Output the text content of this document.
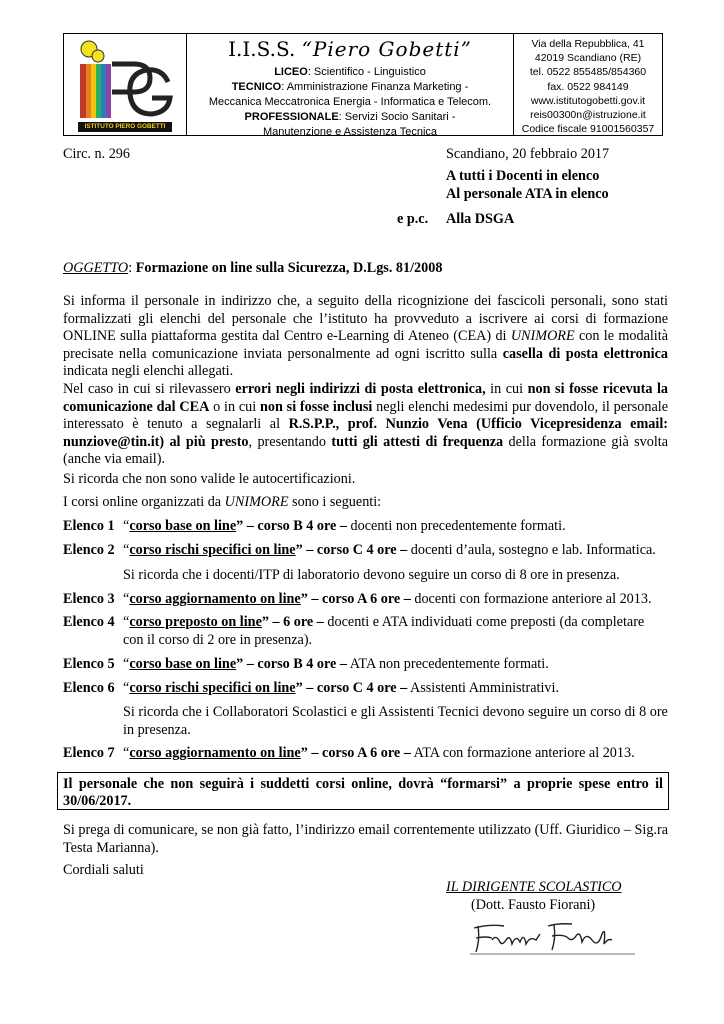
ISTITUTO PIERO GOBETTI
I.I.S.S. “Piero Gobetti”
LICEO: Scientifico - Linguistico
TECNICO: Amministrazione Finanza Marketing -
Meccanica Meccatronica Energia - Informatica e Telecom.
PROFESSIONALE: Servizi Socio Sanitari -
Manutenzione e Assistenza Tecnica
Via della Repubblica, 41
42019 Scandiano (RE)
tel. 0522 855485/854360
fax. 0522 984149
www.istitutogobetti.gov.it
reis00300n@istruzione.it
Codice fiscale 91001560357
Circ. n. 296	Scandiano, 20 febbraio 2017
A tutti i Docenti in elenco
Al personale ATA in elenco
e p.c. Alla DSGA
OGGETTO: Formazione on line sulla Sicurezza, D.Lgs. 81/2008
Si informa il personale in indirizzo che, a seguito della ricognizione dei fascicoli personali, sono stati formalizzati gli elenchi del personale che l’istituto ha provveduto a iscrivere ai corsi di formazione ONLINE sulla piattaforma gestita dal Centro e-Learning di Ateneo (CEA) di UNIMORE con le modalità precisate nella comunicazione inviata personalmente ad ogni iscritto sulla casella di posta elettronica indicata negli elenchi allegati.
Nel caso in cui si rilevassero errori negli indirizzi di posta elettronica, in cui non si fosse ricevuta la comunicazione dal CEA o in cui non si fosse inclusi negli elenchi medesimi pur dovendolo, il personale interessato è tenuto a segnalarli al R.S.P.P., prof. Nunzio Vena (Ufficio Vicepresidenza email: nunziove@tin.it) al più presto, presentando tutti gli attesti di frequenza della formazione già svolta (anche via email).
Si ricorda che non sono valide le autocertificazioni.
I corsi online organizzati da UNIMORE sono i seguenti:
Elenco 1 “corso base on line” – corso B 4 ore – docenti non precedentemente formati.
Elenco 2 “corso rischi specifici on line” – corso C 4 ore – docenti d’aula, sostegno e lab. Informatica.
Si ricorda che i docenti/ITP di laboratorio devono seguire un corso di 8 ore in presenza.
Elenco 3 “corso aggiornamento on line” – corso A 6 ore – docenti con formazione anteriore al 2013.
Elenco 4 “corso preposto on line” – 6 ore – docenti e ATA individuati come preposti (da completare con il corso di 2 ore in presenza).
Elenco 5 “corso base on line” – corso B 4 ore – ATA non precedentemente formati.
Elenco 6 “corso rischi specifici on line” – corso C 4 ore – Assistenti Amministrativi.
Si ricorda che i Collaboratori Scolastici e gli Assistenti Tecnici devono seguire un corso di 8 ore in presenza.
Elenco 7 “corso aggiornamento on line” – corso A 6 ore – ATA con formazione anteriore al 2013.
Il personale che non seguirà i suddetti corsi online, dovrà “formarsi” a proprie spese entro il 30/06/2017.
Si prega di comunicare, se non già fatto, l’indirizzo email correntemente utilizzato (Uff. Giuridico – Sig.ra Testa Marianna).
Cordiali saluti
IL DIRIGENTE SCOLASTICO
(Dott. Fausto Fiorani)
